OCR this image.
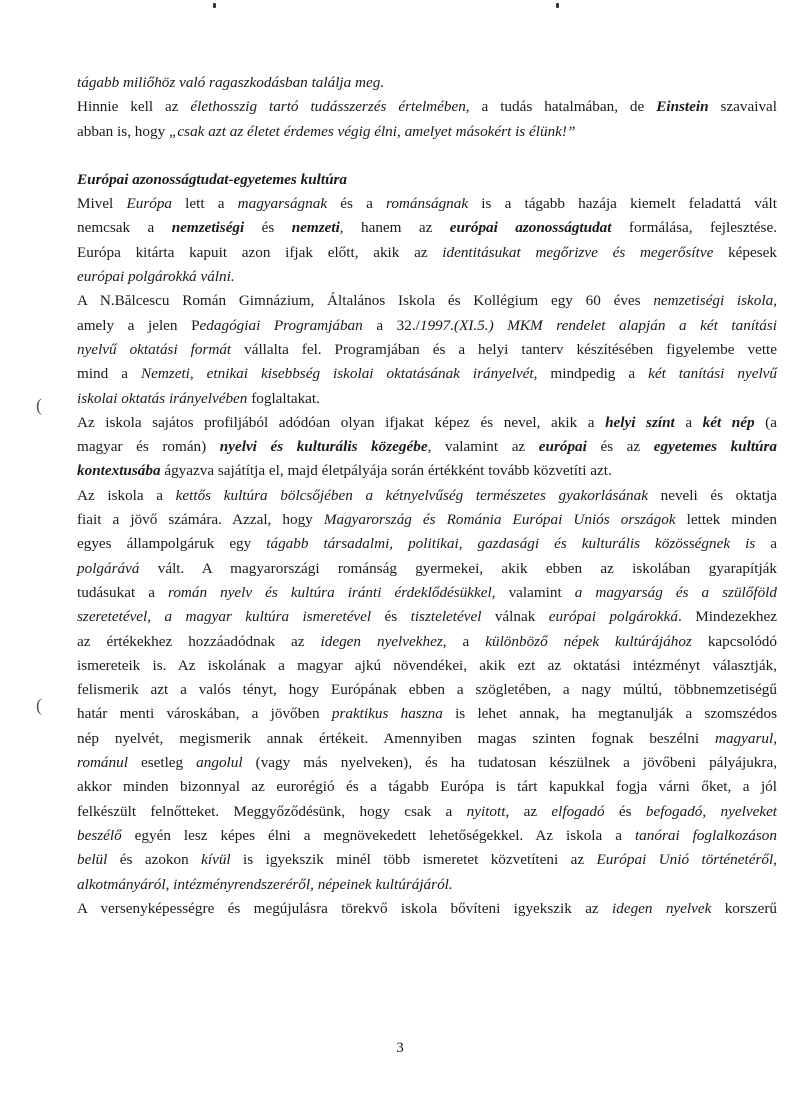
(
(
tágabb miliőhöz való ragaszkodásban találja meg.
Hinnie kell az élethosszig tartó tudásszerzés értelmében, a tudás hatalmában, de Einstein szavaival
abban is, hogy „csak azt az életet érdemes végig élni, amelyet másokért is élünk!”
Európai azonosságtudat-egyetemes kultúra
Mivel Európa lett a magyarságnak és a románságnak is a tágabb hazája kiemelt feladattá vált
nemcsak a nemzetiségi és nemzeti, hanem az európai azonosságtudat formálása, fejlesztése.
Európa kitárta kapuit azon ifjak előtt, akik az identitásukat megőrizve és megerősítve képesek
európai polgárokká válni.
A N.Bălcescu Román Gimnázium, Általános Iskola és Kollégium egy 60 éves nemzetiségi iskola,
amely a jelen Pedagógiai Programjában a 32./1997.(XI.5.) MKM rendelet alapján a két tanítási
nyelvű oktatási formát vállalta fel. Programjában és a helyi tanterv készítésében figyelembe vette
mind a Nemzeti, etnikai kisebbség iskolai oktatásának irányelvét, mindpedig a két tanítási nyelvű
iskolai oktatás irányelvében foglaltakat.
Az iskola sajátos profiljából adódóan olyan ifjakat képez és nevel, akik a helyi színt a két nép (a
magyar és román) nyelvi és kulturális közegébe, valamint az európai és az egyetemes kultúra
kontextusába ágyazva sajátítja el, majd életpályája során értékként tovább közvetíti azt.
Az iskola a kettős kultúra bölcsőjében a kétnyelvűség természetes gyakorlásának neveli és oktatja
fiait a jövő számára. Azzal, hogy Magyarország és Románia Európai Uniós országok lettek minden
egyes állampolgáruk egy tágabb társadalmi, politikai, gazdasági és kulturális közösségnek is a
polgárává vált. A magyarországi románság gyermekei, akik ebben az iskolában gyarapítják
tudásukat a román nyelv és kultúra iránti érdeklődésükkel, valamint a magyarság és a szülőföld
szeretetével, a magyar kultúra ismeretével és tiszteletével válnak európai polgárokká. Mindezekhez
az értékekhez hozzáadódnak az idegen nyelvekhez, a különböző népek kultúrájához kapcsolódó
ismereteik is. Az iskolának a magyar ajkú növendékei, akik ezt az oktatási intézményt választják,
felismerik azt a valós tényt, hogy Európának ebben a szögletében, a nagy múltú, többnemzetiségű
határ menti városkában, a jövőben praktikus haszna is lehet annak, ha megtanulják a szomszédos
nép nyelvét, megismerik annak értékeit. Amennyiben magas szinten fognak beszélni magyarul,
románul esetleg angolul (vagy más nyelveken), és ha tudatosan készülnek a jövőbeni pályájukra,
akkor minden bizonnyal az eurorégió és a tágabb Európa is tárt kapukkal fogja várni őket, a jól
felkészült felnőtteket. Meggyőződésünk, hogy csak a nyitott, az elfogadó és befogadó, nyelveket
beszélő egyén lesz képes élni a megnövekedett lehetőségekkel. Az iskola a tanórai foglalkozáson
belül és azokon kívül is igyekszik minél több ismeretet közvetíteni az Európai Unió történetéről,
alkotmányáról, intézményrendszeréről, népeinek kultúrájáról.
A versenyképességre és megújulásra törekvő iskola bővíteni igyekszik az idegen nyelvek korszerű
3
